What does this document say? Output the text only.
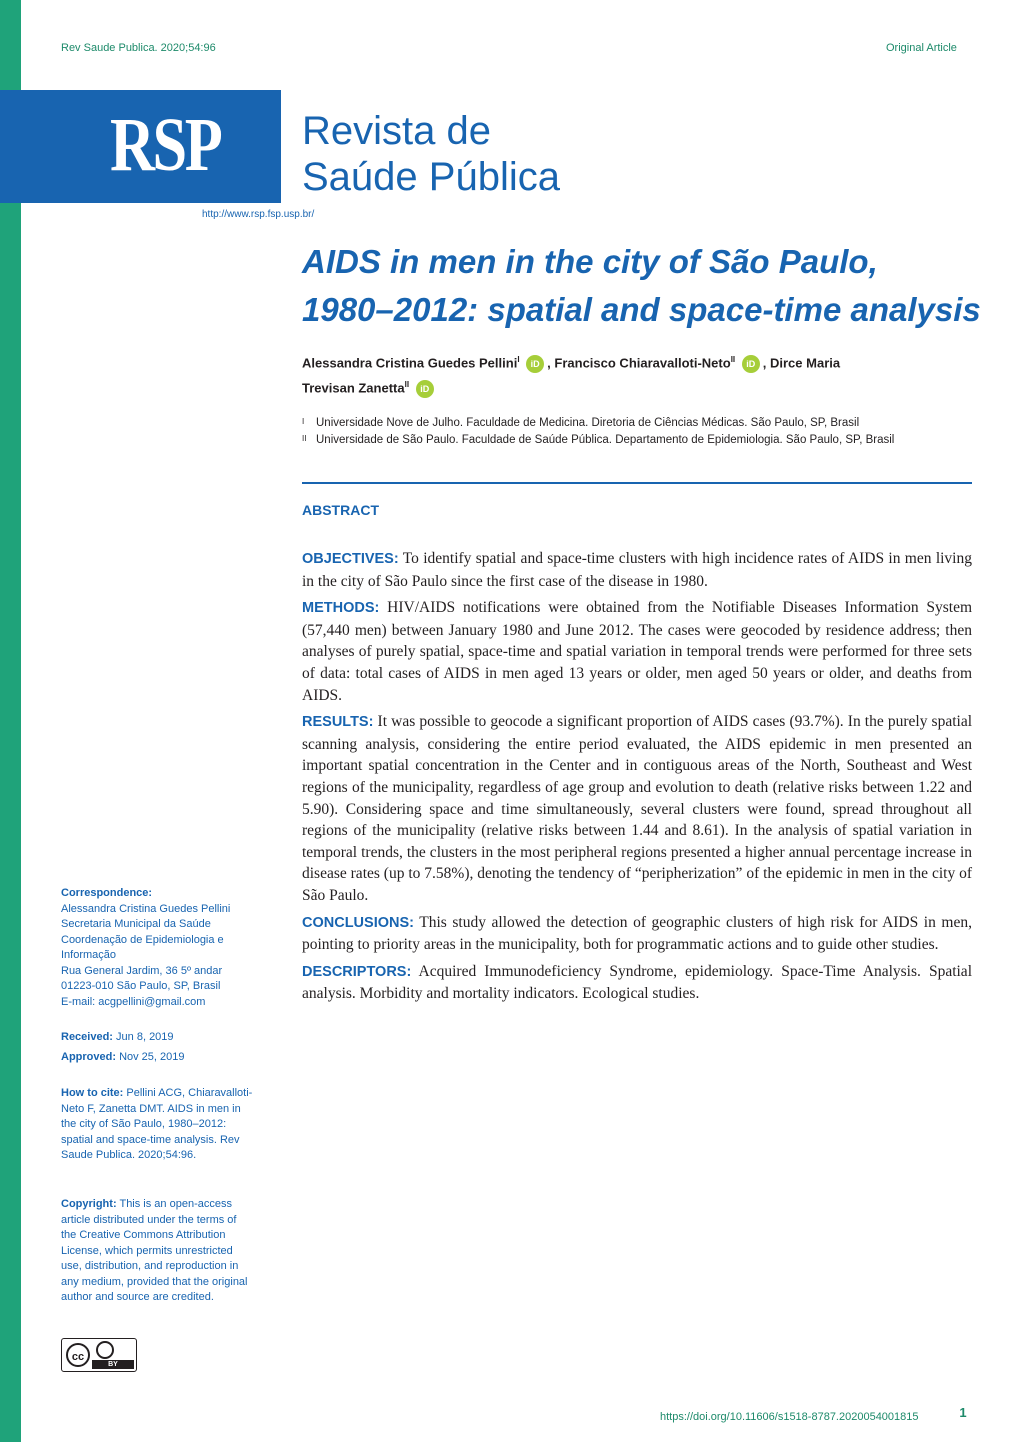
Rev Saude Publica. 2020;54:96	Original Article
RSP Revista de
Saúde Pública
http://www.rsp.fsp.usp.br/
AIDS in men in the city of São Paulo,
1980–2012: spatial and space-time analysis
Alessandra Cristina Guedes Pellini$^I$ iD , Francisco Chiaravalloti-Neto$^{II}$ iD , Dirce Maria
Trevisan Zanetta$^{II}$ iD
I Universidade Nove de Julho. Faculdade de Medicina. Diretoria de Ciências Médicas. São Paulo, SP, Brasil
II Universidade de São Paulo. Faculdade de Saúde Pública. Departamento de Epidemiologia. São Paulo, SP, Brasil
ABSTRACT

OBJECTIVES: To identify spatial and space-time clusters with high incidence rates of AIDS in men living in the city of São Paulo since the first case of the disease in 1980.

METHODS: HIV/AIDS notifications were obtained from the Notifiable Diseases Information System (57,440 men) between January 1980 and June 2012. The cases were geocoded by residence address; then analyses of purely spatial, space-time and spatial variation in temporal trends were performed for three sets of data: total cases of AIDS in men aged 13 years or older, men aged 50 years or older, and deaths from AIDS.

RESULTS: It was possible to geocode a significant proportion of AIDS cases (93.7%). In the purely spatial scanning analysis, considering the entire period evaluated, the AIDS epidemic in men presented an important spatial concentration in the Center and in contiguous areas of the North, Southeast and West regions of the municipality, regardless of age group and evolution to death (relative risks between 1.22 and 5.90). Considering space and time simultaneously, several clusters were found, spread throughout all regions of the municipality (relative risks between 1.44 and 8.61). In the analysis of spatial variation in temporal trends, the clusters in the most peripheral regions presented a higher annual percentage increase in disease rates (up to 7.58%), denoting the tendency of “peripherization” of the epidemic in men in the city of São Paulo.

CONCLUSIONS: This study allowed the detection of geographic clusters of high risk for AIDS in men, pointing to priority areas in the municipality, both for programmatic actions and to guide other studies.

DESCRIPTORS: Acquired Immunodeficiency Syndrome, epidemiology. Space-Time Analysis. Spatial analysis. Morbidity and mortality indicators. Ecological studies.

Correspondence:
Alessandra Cristina Guedes Pellini
Secretaria Municipal da Saúde
Coordenação de Epidemiologia e
Informação
Rua General Jardim, 36 5º andar
01223-010 São Paulo, SP, Brasil
E-mail: acgpellini@gmail.com
Received: Jun 8, 2019
Approved: Nov 25, 2019
How to cite: Pellini ACG, Chiaravalloti-Neto F, Zanetta DMT. AIDS in men in the city of São Paulo, 1980–2012: spatial and space-time analysis. Rev Saude Publica. 2020;54:96.
Copyright: This is an open-access article distributed under the terms of the Creative Commons Attribution License, which permits unrestricted use, distribution, and reproduction in any medium, provided that the original author and source are credited.
cc
BY
https://doi.org/10.11606/s1518-8787.2020054001815	1
